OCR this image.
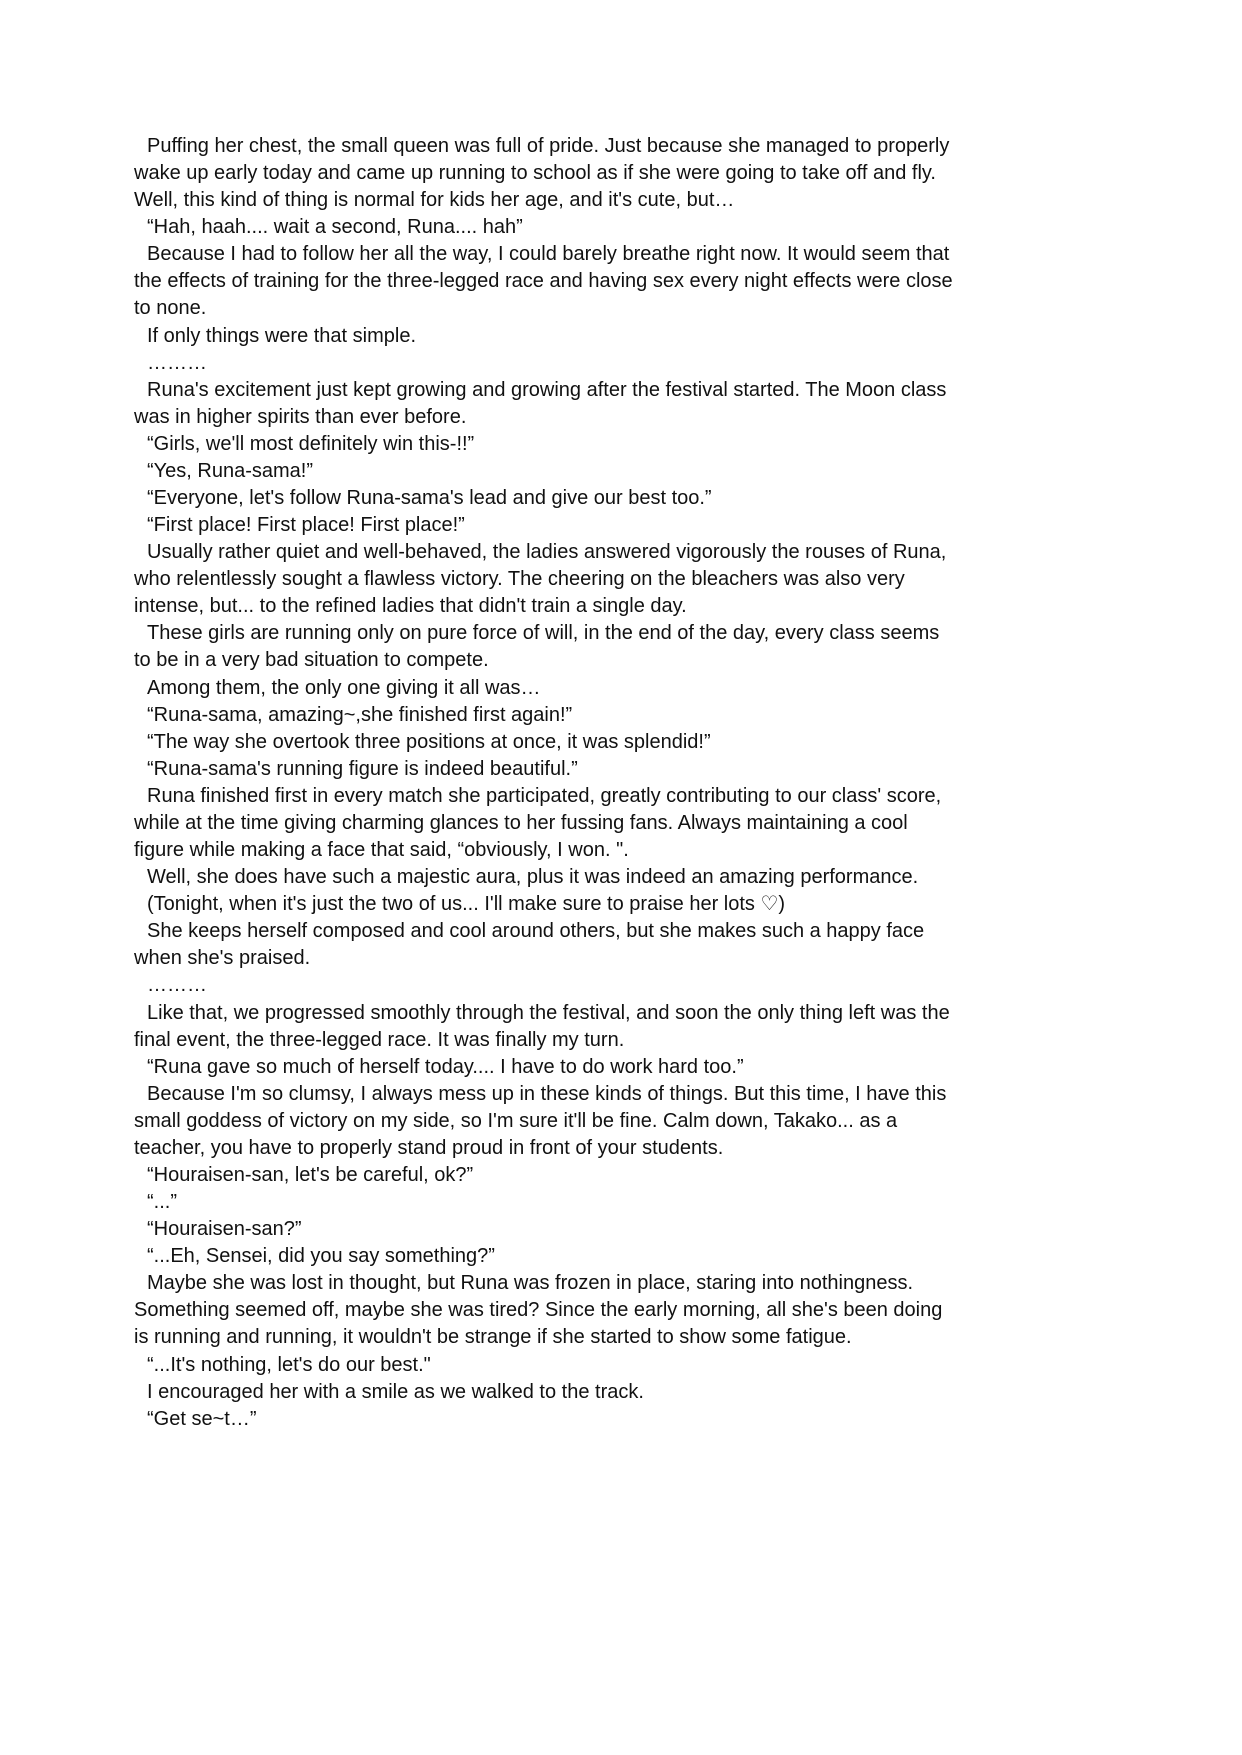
Puffing her chest, the small queen was full of pride. Just because she managed to properly
wake up early today and came up running to school as if she were going to take off and fly.
Well, this kind of thing is normal for kids her age, and it's cute, but…

“Hah, haah.... wait a second, Runa.... hah”

Because I had to follow her all the way, I could barely breathe right now. It would seem that
the effects of training for the three-legged race and having sex every night effects were close
to none.

If only things were that simple.

………

Runa's excitement just kept growing and growing after the festival started. The Moon class
was in higher spirits than ever before.

“Girls, we'll most definitely win this-!!”

“Yes, Runa-sama!”

“Everyone, let's follow Runa-sama's lead and give our best too.”

“First place! First place! First place!”

Usually rather quiet and well-behaved, the ladies answered vigorously the rouses of Runa,
who relentlessly sought a flawless victory. The cheering on the bleachers was also very
intense, but... to the refined ladies that didn't train a single day.

These girls are running only on pure force of will, in the end of the day, every class seems
to be in a very bad situation to compete.

Among them, the only one giving it all was…

“Runa-sama, amazing~,she finished first again!”

“The way she overtook three positions at once, it was splendid!”

“Runa-sama's running figure is indeed beautiful.”

Runa finished first in every match she participated, greatly contributing to our class' score,
while at the time giving charming glances to her fussing fans. Always maintaining a cool
figure while making a face that said, “obviously, I won. ".

Well, she does have such a majestic aura, plus it was indeed an amazing performance.

(Tonight, when it's just the two of us... I'll make sure to praise her lots ♡)

She keeps herself composed and cool around others, but she makes such a happy face
when she's praised.

………

Like that, we progressed smoothly through the festival, and soon the only thing left was the
final event, the three-legged race. It was finally my turn.

“Runa gave so much of herself today.... I have to do work hard too.”

Because I'm so clumsy, I always mess up in these kinds of things. But this time, I have this
small goddess of victory on my side, so I'm sure it'll be fine. Calm down, Takako... as a
teacher, you have to properly stand proud in front of your students.

“Houraisen-san, let's be careful, ok?”

“...”

“Houraisen-san?”

“...Eh, Sensei, did you say something?”

Maybe she was lost in thought, but Runa was frozen in place, staring into nothingness.
Something seemed off, maybe she was tired? Since the early morning, all she's been doing
is running and running, it wouldn't be strange if she started to show some fatigue.

“...It's nothing, let's do our best."

I encouraged her with a smile as we walked to the track.

“Get se~t…”
